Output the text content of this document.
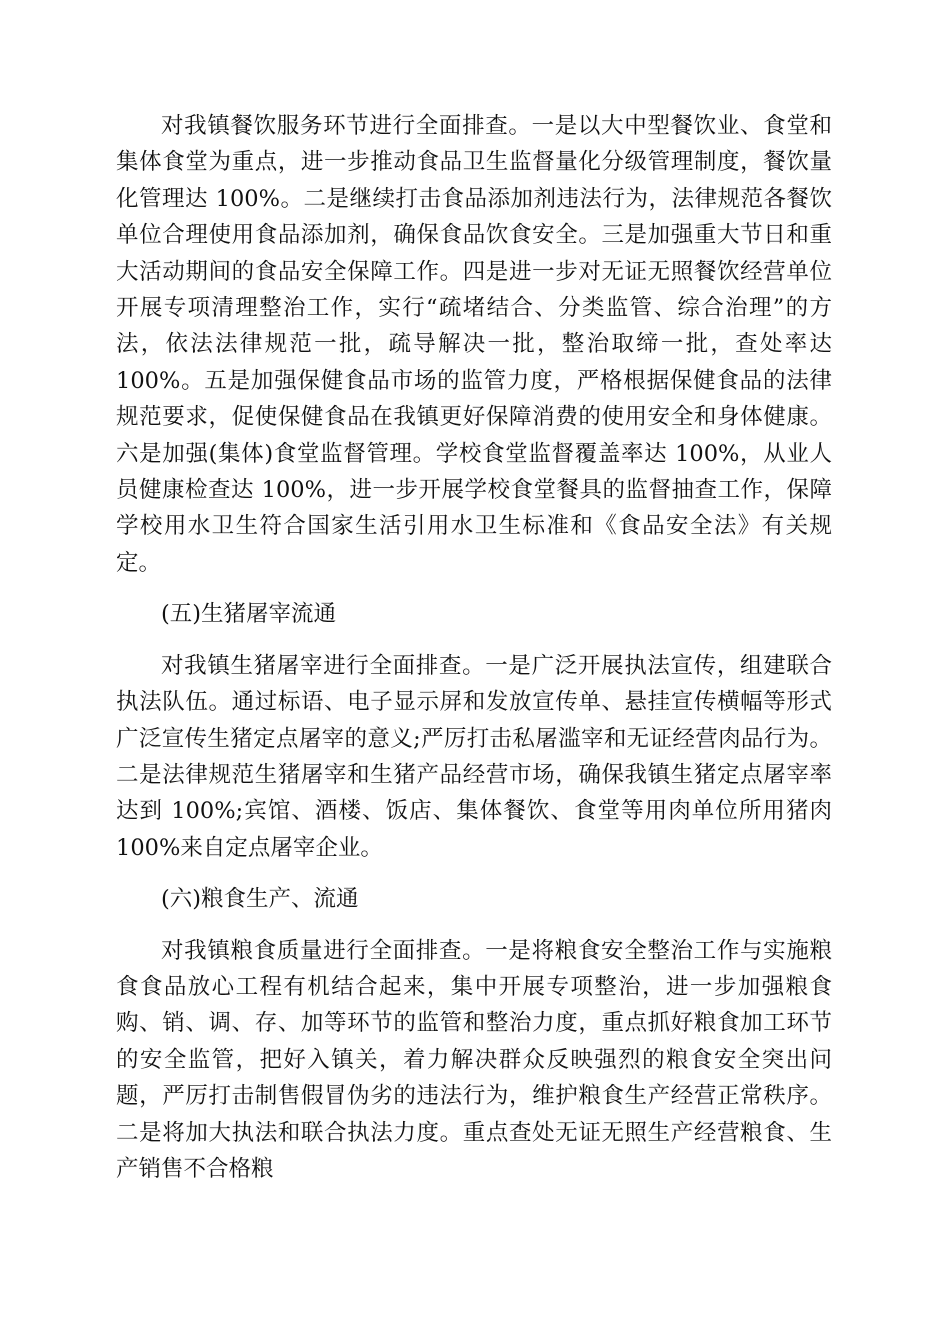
对我镇餐饮服务环节进行全面排查。一是以大中型餐饮业、食堂和集体食堂为重点，进一步推动食品卫生监督量化分级管理制度，餐饮量化管理达 100%。二是继续打击食品添加剂违法行为，法律规范各餐饮单位合理使用食品添加剂，确保食品饮食安全。三是加强重大节日和重大活动期间的食品安全保障工作。四是进一步对无证无照餐饮经营单位开展专项清理整治工作，实行“疏堵结合、分类监管、综合治理”的方法，依法法律规范一批，疏导解决一批，整治取缔一批，查处率达 100%。五是加强保健食品市场的监管力度，严格根据保健食品的法律规范要求，促使保健食品在我镇更好保障消费的使用安全和身体健康。六是加强(集体)食堂监督管理。学校食堂监督覆盖率达 100%，从业人员健康检查达 100%，进一步开展学校食堂餐具的监督抽查工作，保障学校用水卫生符合国家生活引用水卫生标准和《食品安全法》有关规定。

(五)生猪屠宰流通

对我镇生猪屠宰进行全面排查。一是广泛开展执法宣传，组建联合执法队伍。通过标语、电子显示屏和发放宣传单、悬挂宣传横幅等形式广泛宣传生猪定点屠宰的意义;严厉打击私屠滥宰和无证经营肉品行为。二是法律规范生猪屠宰和生猪产品经营市场，确保我镇生猪定点屠宰率达到 100%;宾馆、酒楼、饭店、集体餐饮、食堂等用肉单位所用猪肉 100%来自定点屠宰企业。

(六)粮食生产、流通

对我镇粮食质量进行全面排查。一是将粮食安全整治工作与实施粮食食品放心工程有机结合起来，集中开展专项整治，进一步加强粮食购、销、调、存、加等环节的监管和整治力度，重点抓好粮食加工环节的安全监管，把好入镇关，着力解决群众反映强烈的粮食安全突出问题，严厉打击制售假冒伪劣的违法行为，维护粮食生产经营正常秩序。二是将加大执法和联合执法力度。重点查处无证无照生产经营粮食、生产销售不合格粮
